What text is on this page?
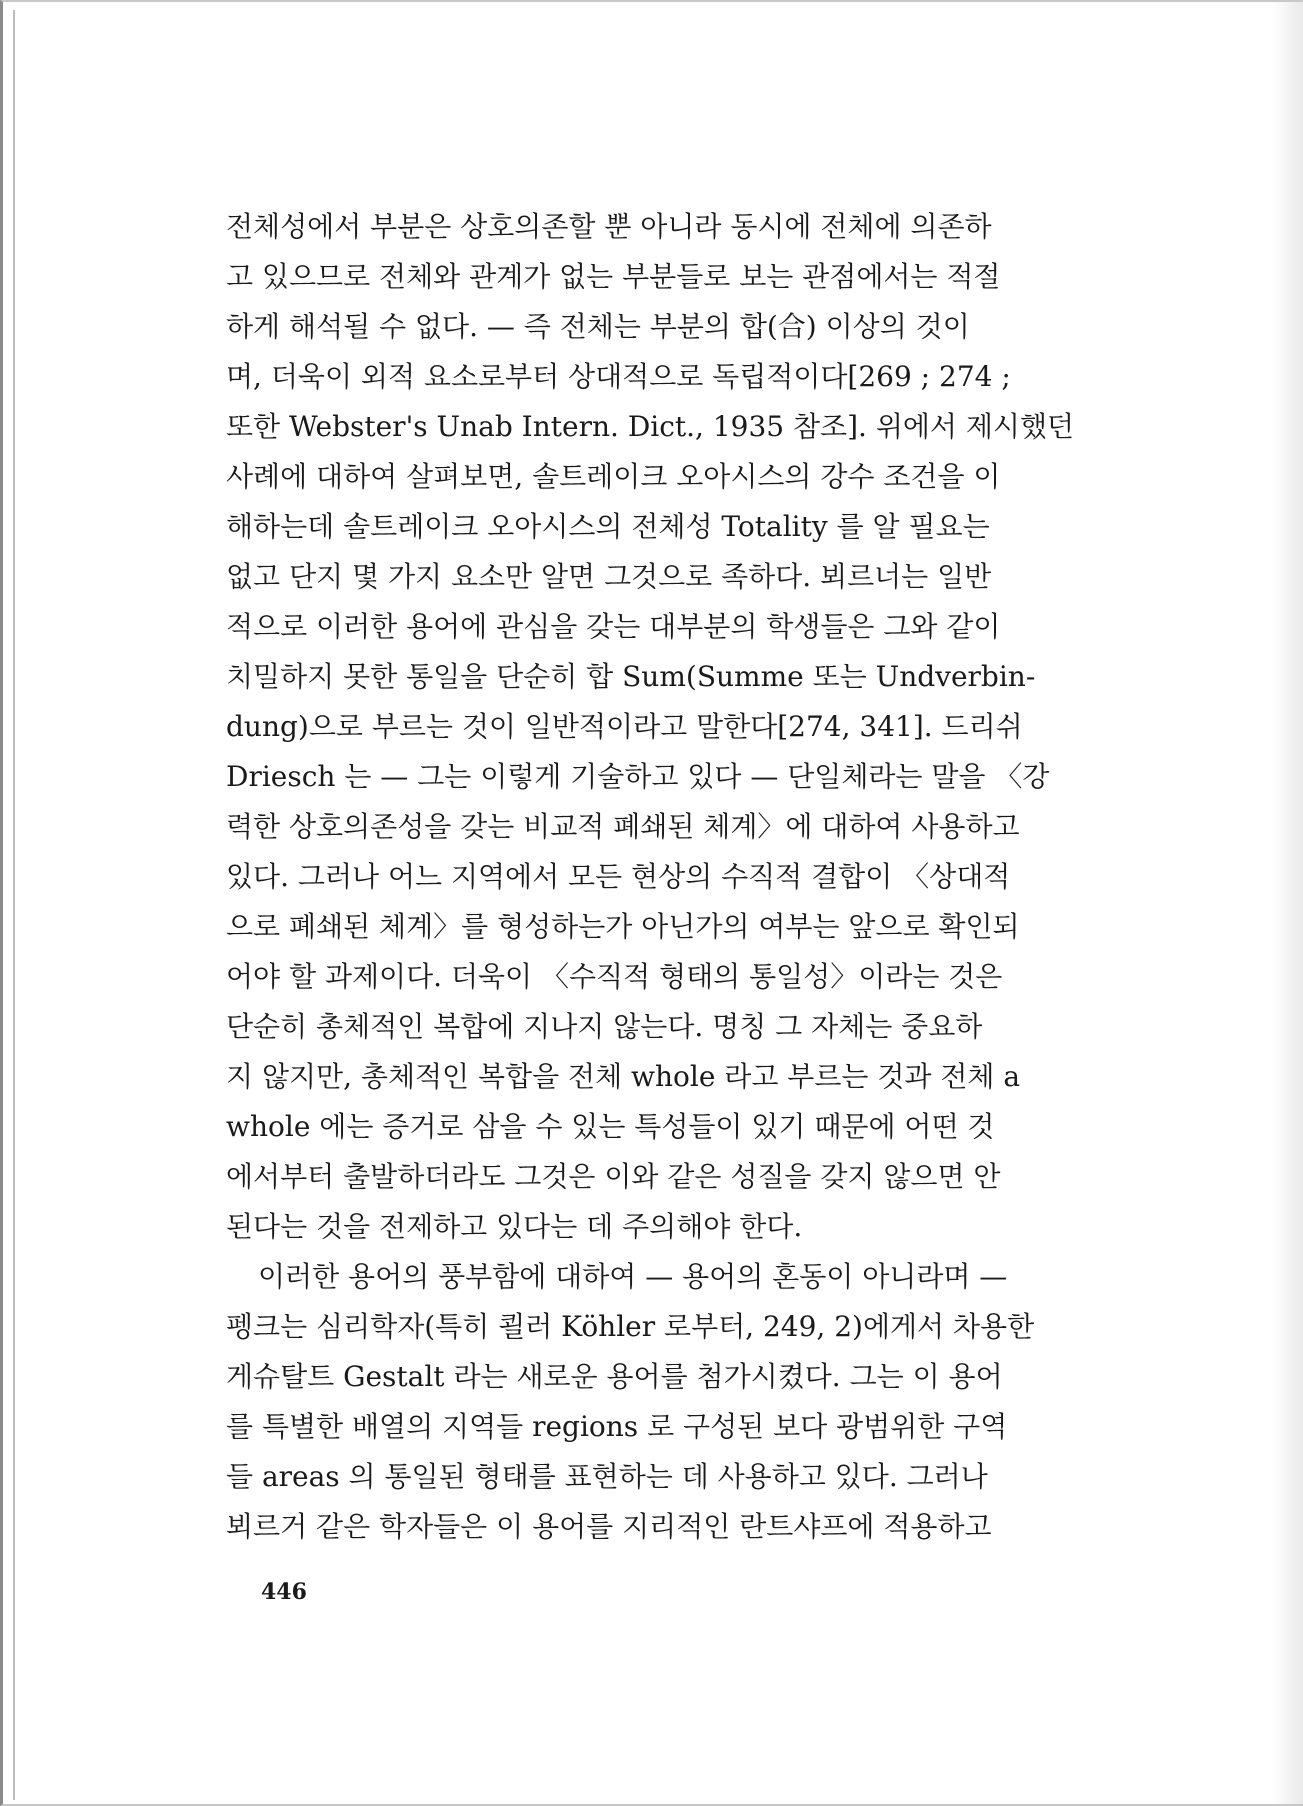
전체성에서 부분은 상호의존할 뿐 아니라 동시에 전체에 의존하
고 있으므로 전체와 관계가 없는 부분들로 보는 관점에서는 적절
하게 해석될 수 없다. — 즉 전체는 부분의 합(合) 이상의 것이
며, 더욱이 외적 요소로부터 상대적으로 독립적이다[269 ; 274 ;
또한 Webster's Unab Intern. Dict., 1935 참조]. 위에서 제시했던
사례에 대하여 살펴보면, 솔트레이크 오아시스의 강수 조건을 이
해하는데 솔트레이크 오아시스의 전체성 Totality 를 알 필요는
없고 단지 몇 가지 요소만 알면 그것으로 족하다. 뵈르너는 일반
적으로 이러한 용어에 관심을 갖는 대부분의 학생들은 그와 같이
치밀하지 못한 통일을 단순히 합 Sum(Summe 또는 Undverbin-
dung)으로 부르는 것이 일반적이라고 말한다[274, 341]. 드리쉬
Driesch 는 — 그는 이렇게 기술하고 있다 — 단일체라는 말을 〈강
력한 상호의존성을 갖는 비교적 폐쇄된 체계〉에 대하여 사용하고
있다. 그러나 어느 지역에서 모든 현상의 수직적 결합이 〈상대적
으로 폐쇄된 체계〉를 형성하는가 아닌가의 여부는 앞으로 확인되
어야 할 과제이다. 더욱이 〈수직적 형태의 통일성〉이라는 것은
단순히 총체적인 복합에 지나지 않는다. 명칭 그 자체는 중요하
지 않지만, 총체적인 복합을 전체 whole 라고 부르는 것과 전체 a
whole 에는 증거로 삼을 수 있는 특성들이 있기 때문에 어떤 것
에서부터 출발하더라도 그것은 이와 같은 성질을 갖지 않으면 안
된다는 것을 전제하고 있다는 데 주의해야 한다.
이러한 용어의 풍부함에 대하여 — 용어의 혼동이 아니라며 —
펭크는 심리학자(특히 쾰러 Köhler 로부터, 249, 2)에게서 차용한
게슈탈트 Gestalt 라는 새로운 용어를 첨가시켰다. 그는 이 용어
를 특별한 배열의 지역들 regions 로 구성된 보다 광범위한 구역
들 areas 의 통일된 형태를 표현하는 데 사용하고 있다. 그러나
뵈르거 같은 학자들은 이 용어를 지리적인 란트샤프에 적용하고
446
